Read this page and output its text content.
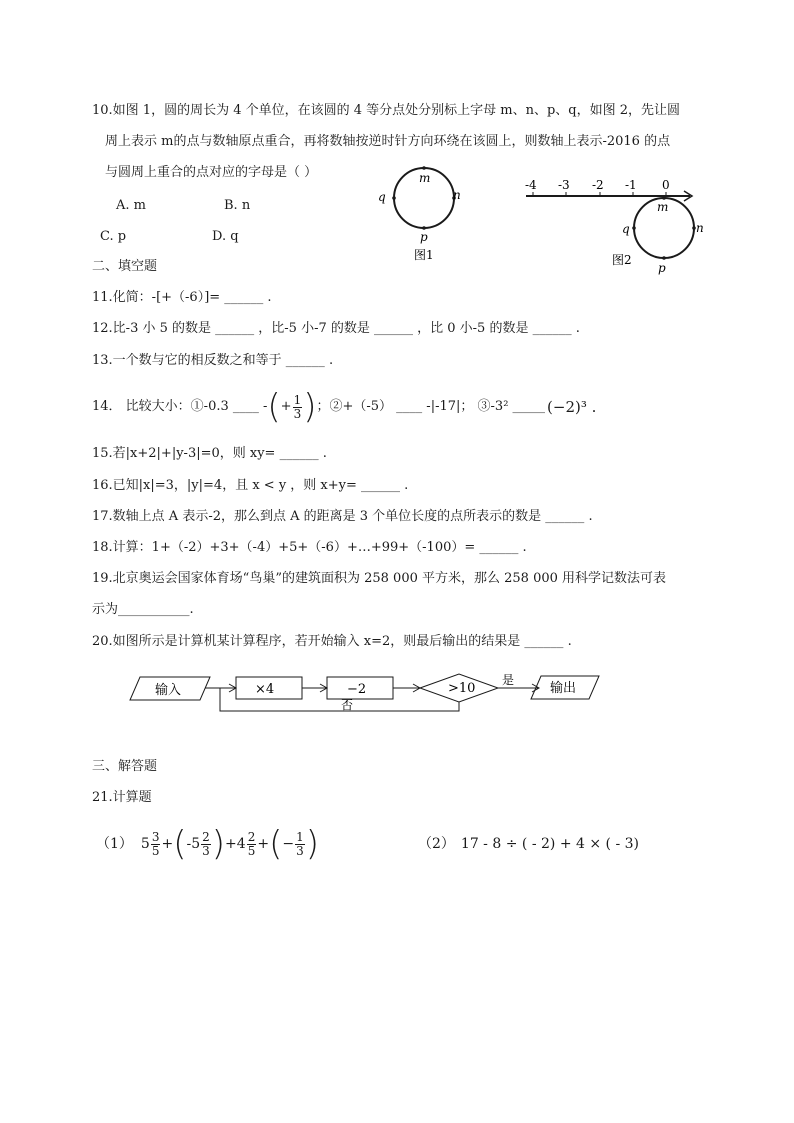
10.如图 1，圆的周长为 4 个单位，在该圆的 4 等分点处分别标上字母 m、n、p、q，如图 2，先让圆
周上表示 m的点与数轴原点重合，再将数轴按逆时针方向环绕在该圆上，则数轴上表示-2016 的点
与圆周上重合的点对应的字母是（ ）
A. m	B. n
C. p	D. q
m
n
p
q
图1
-4 -3 -2 -1 0
m
n
p
q
图2
二、填空题
11.化简：-[+（-6）]= ______ .
12.比-3 小 5 的数是 ______ ，比-5 小-7 的数是 ______ ，比 0 小-5 的数是 ______ .
13.一个数与它的相反数之和等于 ______ .
14． 比较大小：①-0.3 ____ - ( + $\frac{1}{3}$ ) ；②+（-5） ____ -|-17|； ③-3² _____ (−2)³ .
15.若|x+2|+|y-3|=0，则 xy= ______ .
16.已知|x|=3，|y|=4，且 x < y ，则 x+y= ______ .
17.数轴上点 A 表示-2，那么到点 A 的距离是 3 个单位长度的点所表示的数是 ______ .
18.计算：1+（-2）+3+（-4）+5+（-6）+…+99+（-100）= ______ .
19.北京奥运会国家体育场“鸟巢”的建筑面积为 258 000 平方米，那么 258 000 用科学记数法可表
示为___________.
20.如图所示是计算机某计算程序，若开始输入 x=2，则最后输出的结果是 ______ .
输入	×4	−2	>10
是
输出
否
三、解答题
21.计算题
（1） $5 \frac{3}{5}$ + ( $-5 \frac{2}{3}$ ) + $4 \frac{2}{5}$ + ( − $\frac{1}{3}$ )	（2） 17 - 8 ÷ ( - 2) + 4 × ( - 3)
